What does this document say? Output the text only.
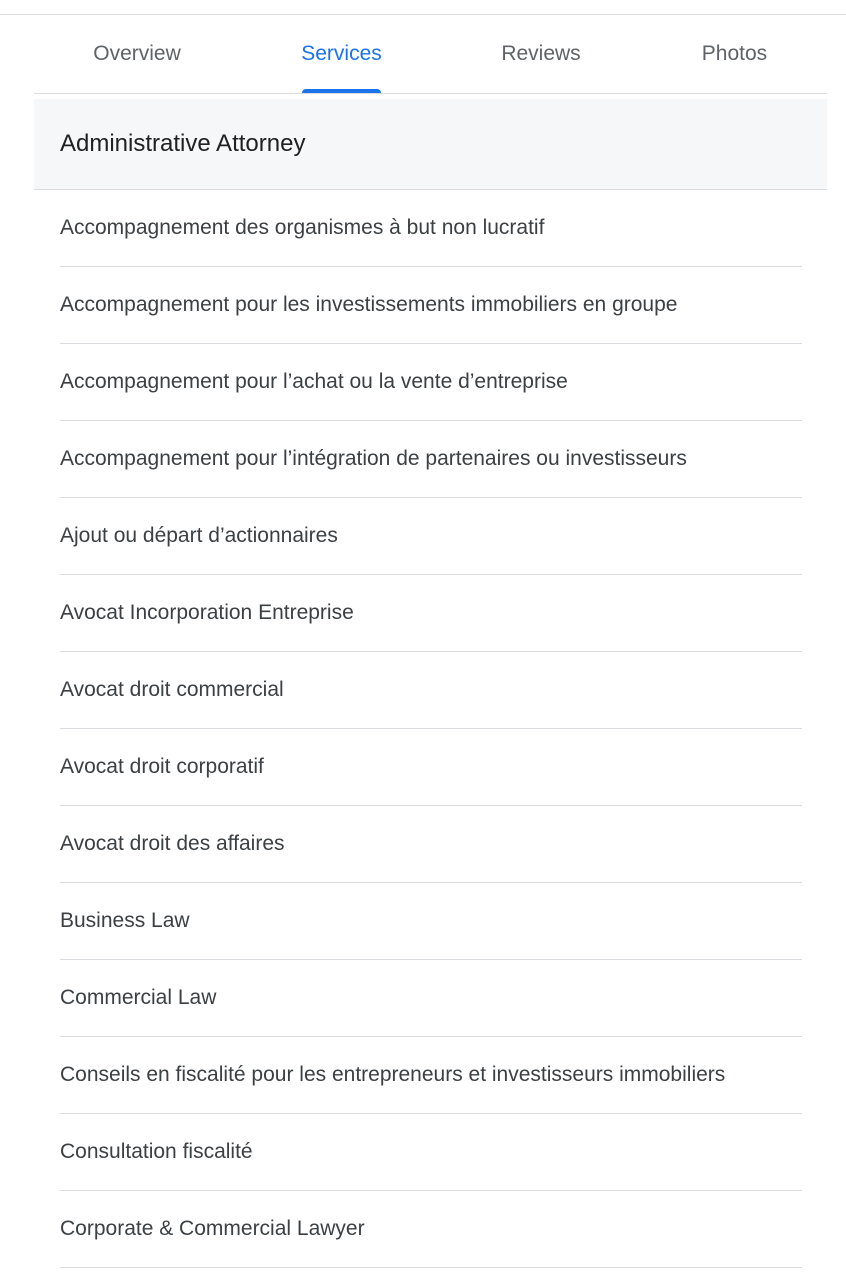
Overview	Services	Reviews	Photos
Administrative Attorney
Accompagnement des organismes à but non lucratif
Accompagnement pour les investissements immobiliers en groupe
Accompagnement pour l’achat ou la vente d’entreprise
Accompagnement pour l’intégration de partenaires ou investisseurs
Ajout ou départ d’actionnaires
Avocat Incorporation Entreprise
Avocat droit commercial
Avocat droit corporatif
Avocat droit des affaires
Business Law
Commercial Law
Conseils en fiscalité pour les entrepreneurs et investisseurs immobiliers
Consultation fiscalité
Corporate & Commercial Lawyer
